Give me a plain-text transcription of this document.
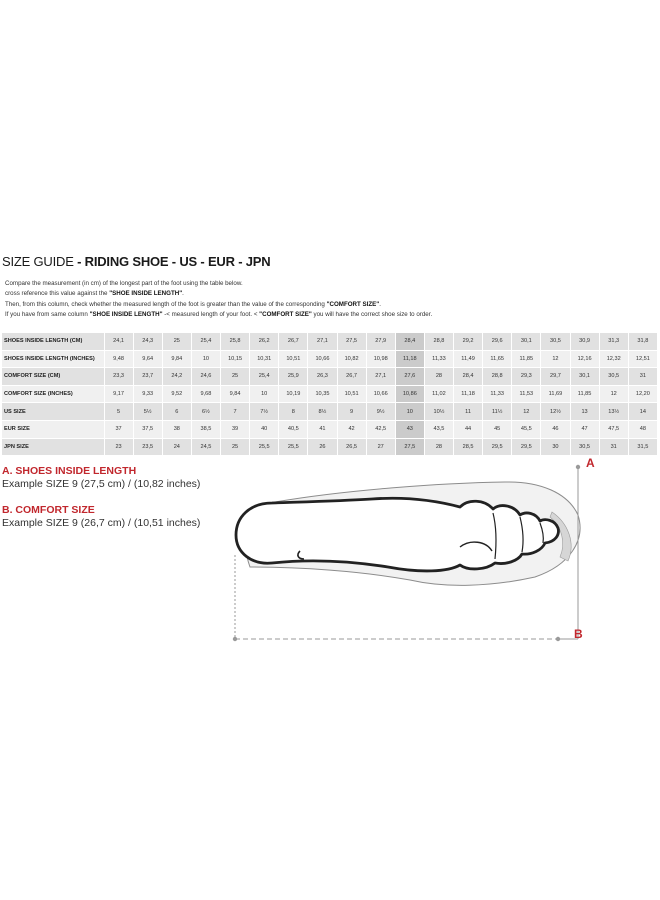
SIZE GUIDE - RIDING SHOE - US - EUR - JPN
Compare the measurement (in cm) of the longest part of the foot using the table below.
cross reference this value against the "SHOE INSIDE LENGTH".
Then, from this column, check whether the measured length of the foot is greater than the value of the corresponding "COMFORT SIZE".
If you have from same column "SHOE INSIDE LENGTH" -< measured length of your foot. < "COMFORT SIZE" you will have the correct shoe size to order.
SHOES INSIDE LENGTH (CM)	24,1	24,3	25	25,4	25,8	26,2	26,7	27,1	27,5	27,9	28,4	28,8	29,2	29,6	30,1	30,5	30,9	31,3	31,8
SHOES INSIDE LENGTH (INCHES)	9,48	9,64	9,84	10	10,15	10,31	10,51	10,66	10,82	10,98	11,18	11,33	11,49	11,65	11,85	12	12,16	12,32	12,51
COMFORT SIZE (CM)	23,3	23,7	24,2	24,6	25	25,4	25,9	26,3	26,7	27,1	27,6	28	28,4	28,8	29,3	29,7	30,1	30,5	31
COMFORT SIZE (INCHES)	9,17	9,33	9,52	9,68	9,84	10	10,19	10,35	10,51	10,66	10,86	11,02	11,18	11,33	11,53	11,69	11,85	12	12,20
US SIZE	5	5½	6	6½	7	7½	8	8½	9	9½	10	10½	11	11½	12	12½	13	13½	14
EUR SIZE	37	37,5	38	38,5	39	40	40,5	41	42	42,5	43	43,5	44	45	45,5	46	47	47,5	48
JPN SIZE	23	23,5	24	24,5	25	25,5	25,5	26	26,5	27	27,5	28	28,5	29,5	29,5	30	30,5	31	31,5
A. SHOES INSIDE LENGTH
Example SIZE 9 (27,5 cm) / (10,82 inches)
B. COMFORT SIZE
Example SIZE 9 (26,7 cm) / (10,51 inches)
A
B
